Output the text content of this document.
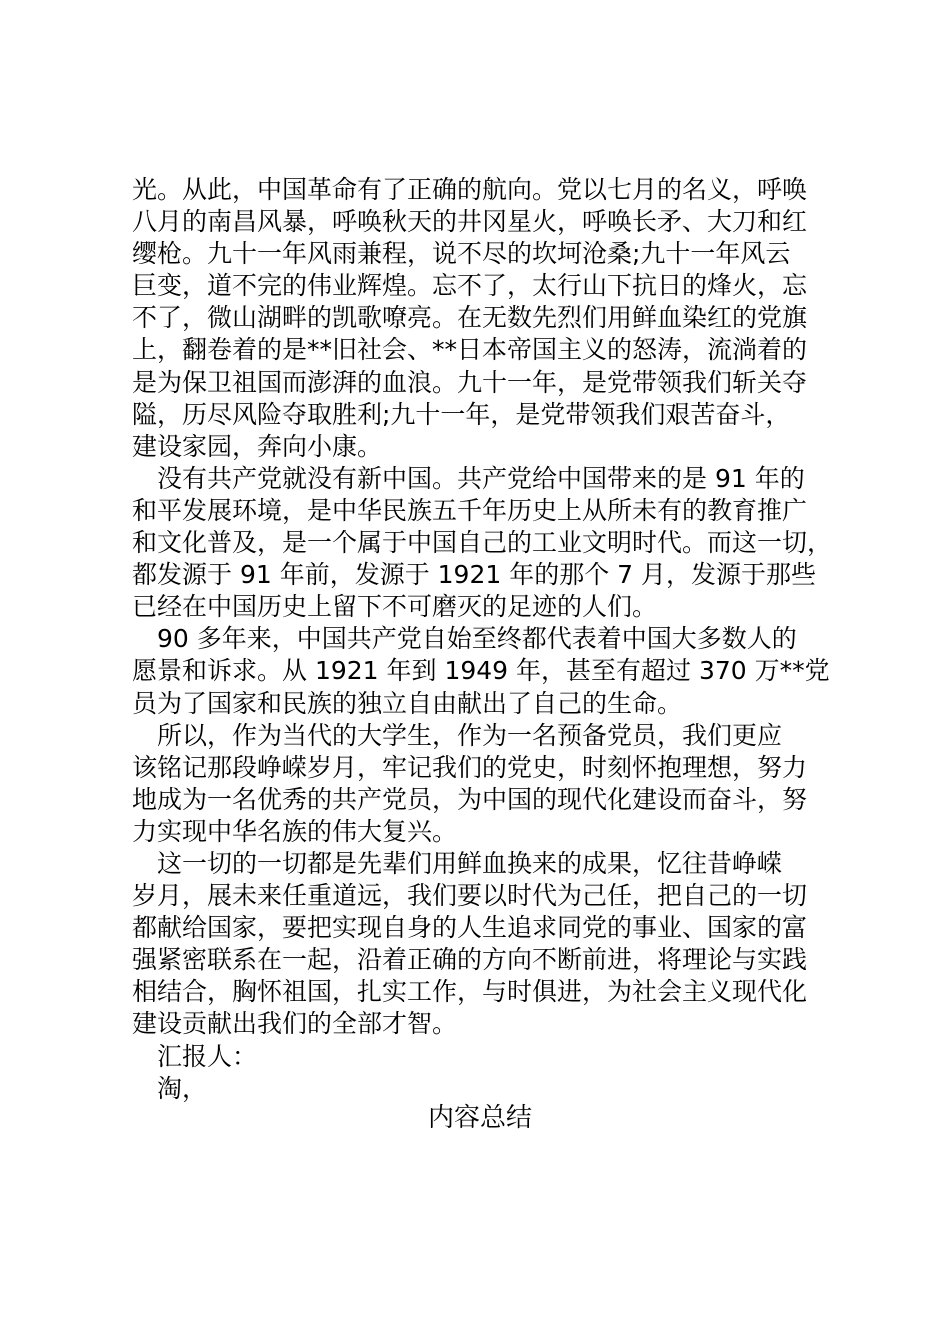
光。从此，中国革命有了正确的航向。党以七月的名义，呼唤
八月的南昌风暴，呼唤秋天的井冈星火，呼唤长矛、大刀和红
缨枪。九十一年风雨兼程，说不尽的坎坷沧桑;九十一年风云
巨变，道不完的伟业辉煌。忘不了，太行山下抗日的烽火，忘
不了，微山湖畔的凯歌嘹亮。在无数先烈们用鲜血染红的党旗
上，翻卷着的是**旧社会、**日本帝国主义的怒涛，流淌着的
是为保卫祖国而澎湃的血浪。九十一年，是党带领我们斩关夺
隘，历尽风险夺取胜利;九十一年，是党带领我们艰苦奋斗，
建设家园，奔向小康。
　没有共产党就没有新中国。共产党给中国带来的是 91 年的
和平发展环境，是中华民族五千年历史上从所未有的教育推广
和文化普及，是一个属于中国自己的工业文明时代。而这一切，
都发源于 91 年前，发源于 1921 年的那个 7 月，发源于那些
已经在中国历史上留下不可磨灭的足迹的人们。
　90 多年来，中国共产党自始至终都代表着中国大多数人的
愿景和诉求。从 1921 年到 1949 年，甚至有超过 370 万**党
员为了国家和民族的独立自由献出了自己的生命。
　所以，作为当代的大学生，作为一名预备党员，我们更应
该铭记那段峥嵘岁月，牢记我们的党史，时刻怀抱理想，努力
地成为一名优秀的共产党员，为中国的现代化建设而奋斗，努
力实现中华名族的伟大复兴。
　这一切的一切都是先辈们用鲜血换来的成果，忆往昔峥嵘
岁月，展未来任重道远，我们要以时代为己任，把自己的一切
都献给国家，要把实现自身的人生追求同党的事业、国家的富
强紧密联系在一起，沿着正确的方向不断前进，将理论与实践
相结合，胸怀祖国，扎实工作，与时俱进，为社会主义现代化
建设贡献出我们的全部才智。
　汇报人：
　淘，
内容总结
